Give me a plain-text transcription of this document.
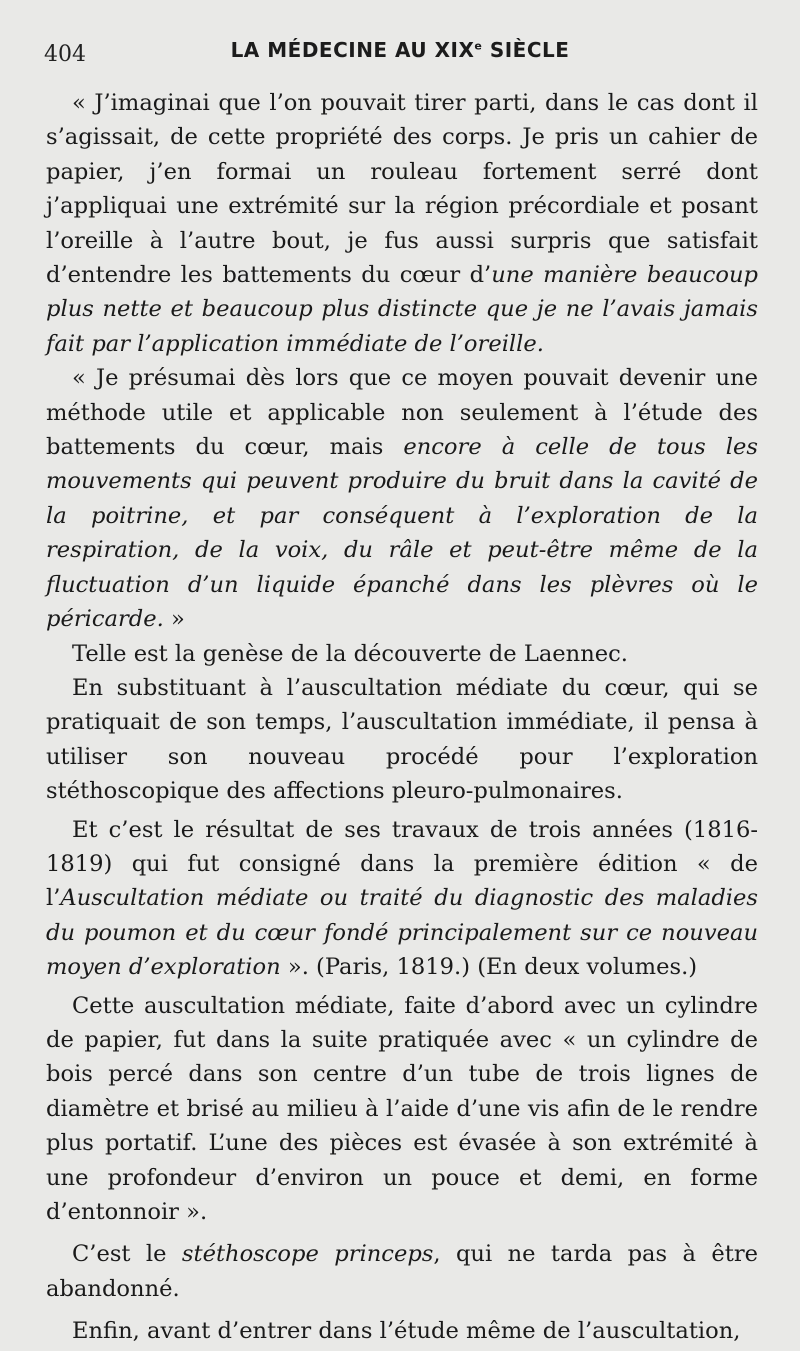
404	LA MÉDECINE AU XIXe SIÈCLE

« J’imaginai que l’on pouvait tirer parti, dans le cas dont il s’agissait, de cette propriété des corps. Je pris un cahier de papier, j’en formai un rouleau fortement serré dont j’appliquai une extrémité sur la région précordiale et posant l’oreille à l’autre bout, je fus aussi surpris que satisfait d’entendre les battements du cœur d’une manière beaucoup plus nette et beaucoup plus distincte que je ne l’avais jamais fait par l’application immédiate de l’oreille.

« Je présumai dès lors que ce moyen pouvait devenir une méthode utile et applicable non seulement à l’étude des battements du cœur, mais encore à celle de tous les mouvements qui peuvent produire du bruit dans la cavité de la poitrine, et par conséquent à l’exploration de la respiration, de la voix, du râle et peut-être même de la fluctuation d’un liquide épanché dans les plèvres où le péricarde. »

Telle est la genèse de la découverte de Laennec.

En substituant à l’auscultation médiate du cœur, qui se pratiquait de son temps, l’auscultation immédiate, il pensa à utiliser son nouveau procédé pour l’exploration stéthoscopique des affections pleuro-pulmonaires.

Et c’est le résultat de ses travaux de trois années (1816-1819) qui fut consigné dans la première édition « de l’Auscultation médiate ou traité du diagnostic des maladies du poumon et du cœur fondé principalement sur ce nouveau moyen d’exploration ». (Paris, 1819.) (En deux volumes.)

Cette auscultation médiate, faite d’abord avec un cylindre de papier, fut dans la suite pratiquée avec « un cylindre de bois percé dans son centre d’un tube de trois lignes de diamètre et brisé au milieu à l’aide d’une vis afin de le rendre plus portatif. L’une des pièces est évasée à son extrémité à une profondeur d’environ un pouce et demi, en forme d’entonnoir ».

C’est le stéthoscope princeps, qui ne tarda pas à être abandonné.

Enfin, avant d’entrer dans l’étude même de l’auscultation,
